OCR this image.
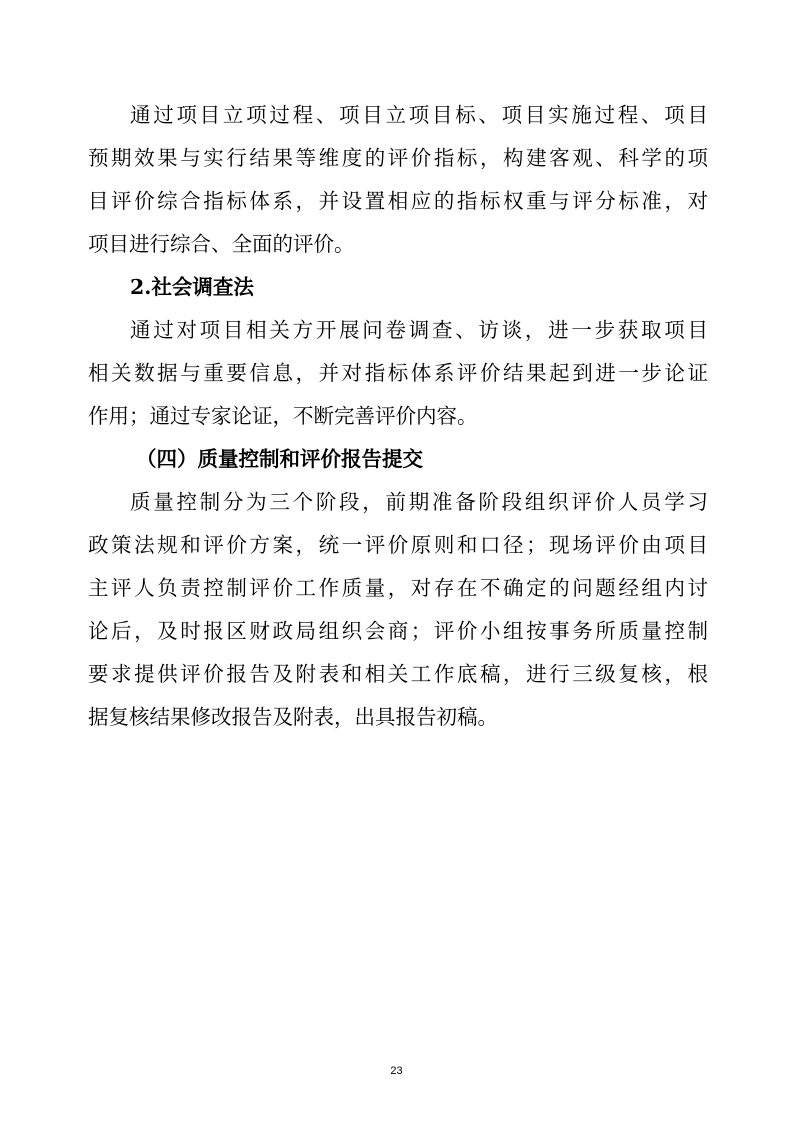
通过项目立项过程、项目立项目标、项目实施过程、项目
预期效果与实行结果等维度的评价指标，构建客观、科学的项
目评价综合指标体系，并设置相应的指标权重与评分标准，对
项目进行综合、全面的评价。
2.社会调查法
通过对项目相关方开展问卷调查、访谈，进一步获取项目
相关数据与重要信息，并对指标体系评价结果起到进一步论证
作用；通过专家论证，不断完善评价内容。
（四）质量控制和评价报告提交
质量控制分为三个阶段，前期准备阶段组织评价人员学习
政策法规和评价方案，统一评价原则和口径；现场评价由项目
主评人负责控制评价工作质量，对存在不确定的问题经组内讨
论后，及时报区财政局组织会商；评价小组按事务所质量控制
要求提供评价报告及附表和相关工作底稿，进行三级复核，根
据复核结果修改报告及附表，出具报告初稿。
23
